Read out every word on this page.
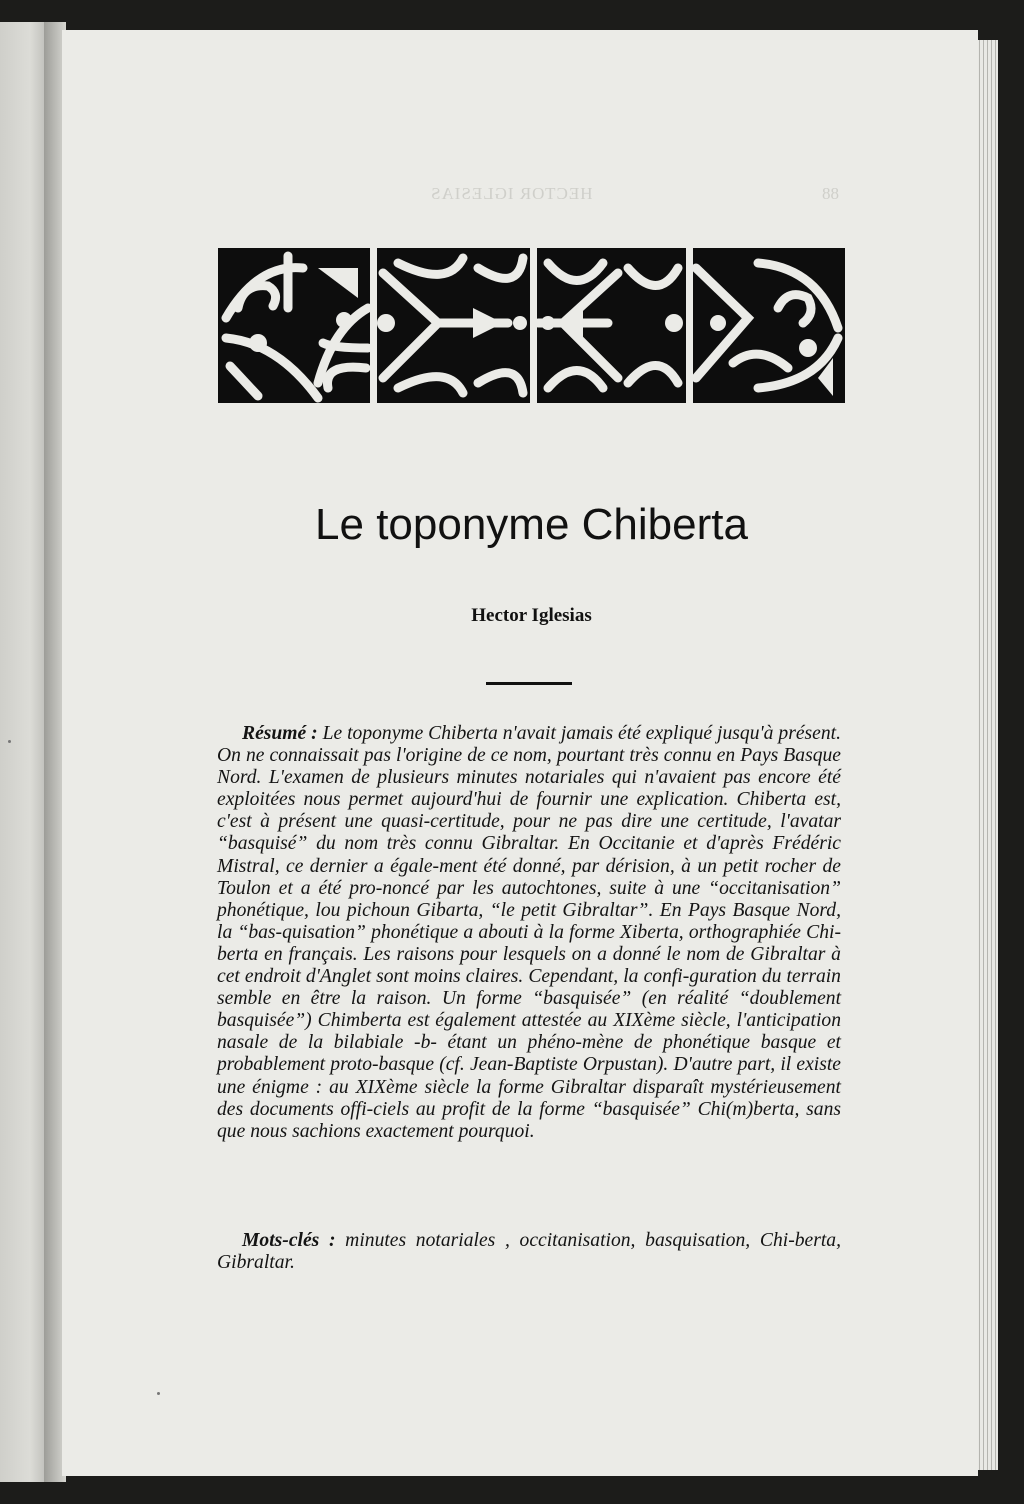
HECTOR IGLESIAS	88
Le toponyme Chiberta

Hector Iglesias

Résumé : Le toponyme Chiberta n'avait jamais été expliqué jusqu'à présent. On ne connaissait pas l'origine de ce nom, pourtant très connu en Pays Basque Nord. L'examen de plusieurs minutes notariales qui n'avaient pas encore été exploitées nous permet aujourd'hui de fournir une explication. Chiberta est, c'est à présent une quasi-certitude, pour ne pas dire une certitude, l'avatar “basquisé” du nom très connu Gibraltar. En Occitanie et d'après Frédéric Mistral, ce dernier a égale-ment été donné, par dérision, à un petit rocher de Toulon et a été pro-noncé par les autochtones, suite à une “occitanisation” phonétique, lou pichoun Gibarta, “le petit Gibraltar”. En Pays Basque Nord, la “bas-quisation” phonétique a abouti à la forme Xiberta, orthographiée Chi-berta en français. Les raisons pour lesquels on a donné le nom de Gibraltar à cet endroit d'Anglet sont moins claires. Cependant, la confi-guration du terrain semble en être la raison. Un forme “basquisée” (en réalité “doublement basquisée”) Chimberta est également attestée au XIXème siècle, l'anticipation nasale de la bilabiale -b- étant un phéno-mène de phonétique basque et probablement proto-basque (cf. Jean-Baptiste Orpustan). D'autre part, il existe une énigme : au XIXème siècle la forme Gibraltar disparaît mystérieusement des documents offi-ciels au profit de la forme “basquisée” Chi(m)berta, sans que nous sachions exactement pourquoi.

Mots-clés : minutes notariales , occitanisation, basquisation, Chi-berta, Gibraltar.
